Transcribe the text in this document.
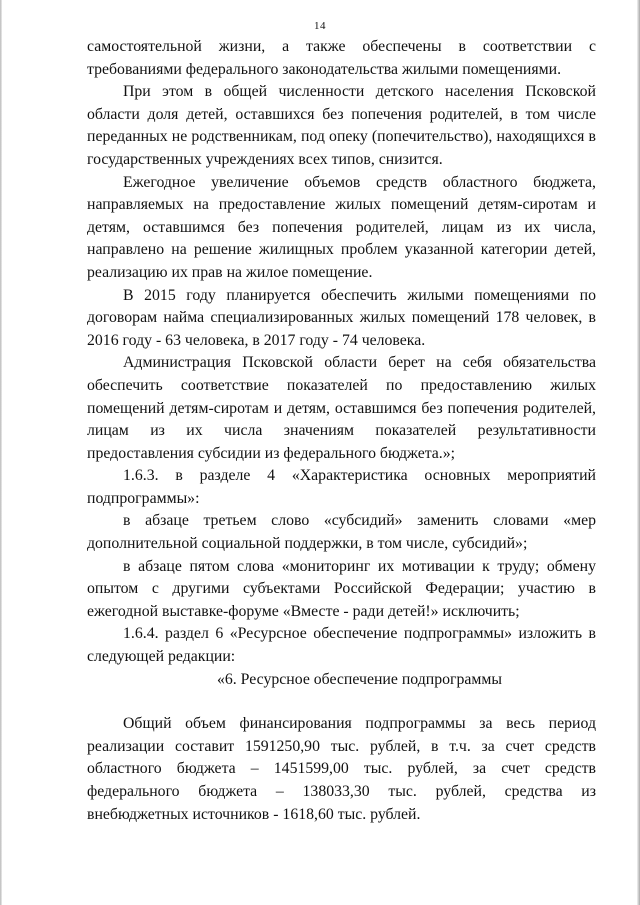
14

самостоятельной жизни, а также обеспечены в соответствии с требованиями федерального законодательства жилыми помещениями.

При этом в общей численности детского населения Псковской области доля детей, оставшихся без попечения родителей, в том числе переданных не родственникам, под опеку (попечительство), находящихся в государственных учреждениях всех типов, снизится.

Ежегодное увеличение объемов средств областного бюджета, направляемых на предоставление жилых помещений детям-сиротам и детям, оставшимся без попечения родителей, лицам из их числа, направлено на решение жилищных проблем указанной категории детей, реализацию их прав на жилое помещение.

В 2015 году планируется обеспечить жилыми помещениями по договорам найма специализированных жилых помещений 178 человек, в 2016 году - 63 человека, в 2017 году - 74 человека.

Администрация Псковской области берет на себя обязательства обеспечить соответствие показателей по предоставлению жилых помещений детям-сиротам и детям, оставшимся без попечения родителей, лицам из их числа значениям показателей результативности предоставления субсидии из федерального бюджета.»;

1.6.3. в разделе 4 «Характеристика основных мероприятий подпрограммы»:

в абзаце третьем слово «субсидий» заменить словами «мер дополнительной социальной поддержки, в том числе, субсидий»;

в абзаце пятом слова «мониторинг их мотивации к труду; обмену опытом с другими субъектами Российской Федерации; участию в ежегодной выставке-форуме «Вместе - ради детей!» исключить;

1.6.4. раздел 6 «Ресурсное обеспечение подпрограммы» изложить в следующей редакции:

«6. Ресурсное обеспечение подпрограммы

Общий объем финансирования подпрограммы за весь период реализации составит 1591250,90 тыс. рублей, в т.ч. за счет средств областного бюджета – 1451599,00 тыс. рублей, за счет средств федерального бюджета – 138033,30 тыс. рублей, средства из внебюджетных источников - 1618,60 тыс. рублей.
